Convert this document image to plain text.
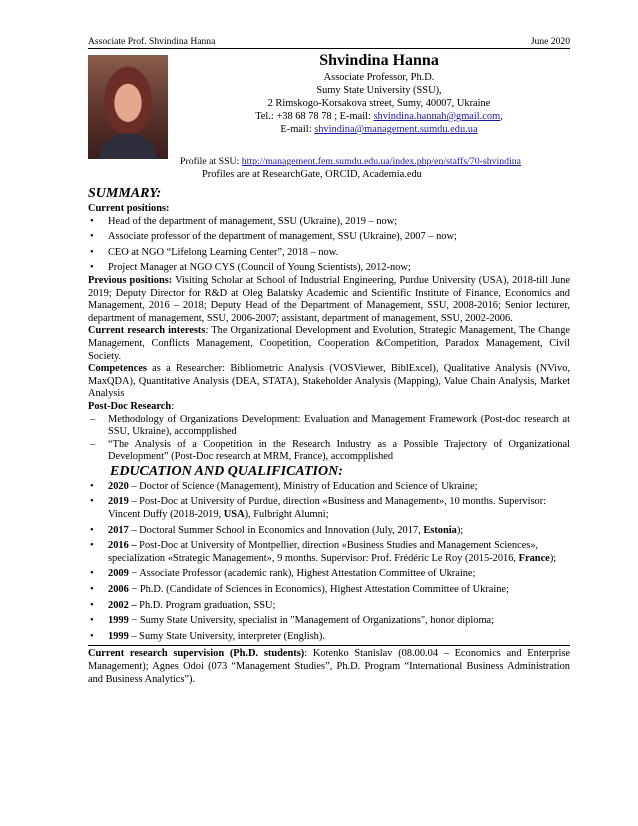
Associate Prof. Shvindina Hanna	June 2020
Shvindina Hanna
Associate Professor, Ph.D.
Sumy State University (SSU),
2 Rimskogo-Korsakova street, Sumy, 40007, Ukraine
Tel.: +38 68 78 78 ; E-mail: shvindina.hannah@gmail.com,
E-mail: shvindina@management.sumdu.edu.ua
Profile at SSU: http://management.fem.sumdu.edu.ua/index.php/en/staffs/70-shvindina
Profiles are at ResearchGate, ORCID, Academia.edu
SUMMARY:
Current positions:
• Head of the department of management, SSU (Ukraine), 2019 – now;
• Associate professor of the department of management, SSU (Ukraine), 2007 – now;
• CEO at NGO “Lifelong Learning Center”, 2018 – now.
• Project Manager at NGO CYS (Council of Young Scientists), 2012-now;
Previous positions: Visiting Scholar at School of Industrial Engineering, Purdue University (USA), 2018-till June 2019; Deputy Director for R&D at Oleg Balatsky Academic and Scientific Institute of Finance, Economics and Management, 2016 – 2018; Deputy Head of the Department of Management, SSU, 2008-2016; Senior lecturer, department of management, SSU, 2006-2007; assistant, department of management, SSU, 2002-2006.
Current research interests: The Organizational Development and Evolution, Strategic Management, The Change Management, Conflicts Management, Coopetition, Cooperation &Competition, Paradox Management, Civil Society.
Competences as a Researcher: Bibliometric Analysis (VOSViewer, BiblExcel), Qualitative Analysis (NVivo, MaxQDA), Quantitative Analysis (DEA, STATA), Stakeholder Analysis (Mapping), Value Chain Analysis, Market Analysis
Post-Doc Research:
– Methodology of Organizations Development: Evaluation and Management Framework (Post-doc research at SSU, Ukraine), accompplished
– “The Analysis of a Coopetition in the Research Industry as a Possible Trajectory of Organizational Development” (Post-Doc research at MRM, France), accompplished
EDUCATION AND QUALIFICATION:
• 2020 – Doctor of Science (Management), Ministry of Education and Science of Ukraine;
• 2019 – Post-Doc at University of Purdue, direction «Business and Management», 10 months. Supervisor: Vincent Duffy (2018-2019, USA), Fulbright Alumni;
• 2017 – Doctoral Summer School in Economics and Innovation (July, 2017, Estonia);
• 2016 – Post-Doc at University of Montpellier, direction «Business Studies and Management Sciences», specialization «Strategic Management», 9 months. Supervisor: Prof. Frédéric Le Roy (2015-2016, France);
• 2009 − Associate Professor (academic rank), Highest Attestation Committee of Ukraine;
• 2006 − Ph.D. (Candidate of Sciences in Economics), Highest Attestation Committee of Ukraine;
• 2002 – Ph.D. Program graduation, SSU;
• 1999 − Sumy State University, specialist in "Management of Organizations", honor diploma;
• 1999 – Sumy State University, interpreter (English).
Current research supervision (Ph.D. students): Kotenko Stanislav (08.00.04 – Economics and Enterprise Management); Agnes Odoi (073 “Management Studies”, Ph.D. Program “International Business Administration and Business Analytics”).
